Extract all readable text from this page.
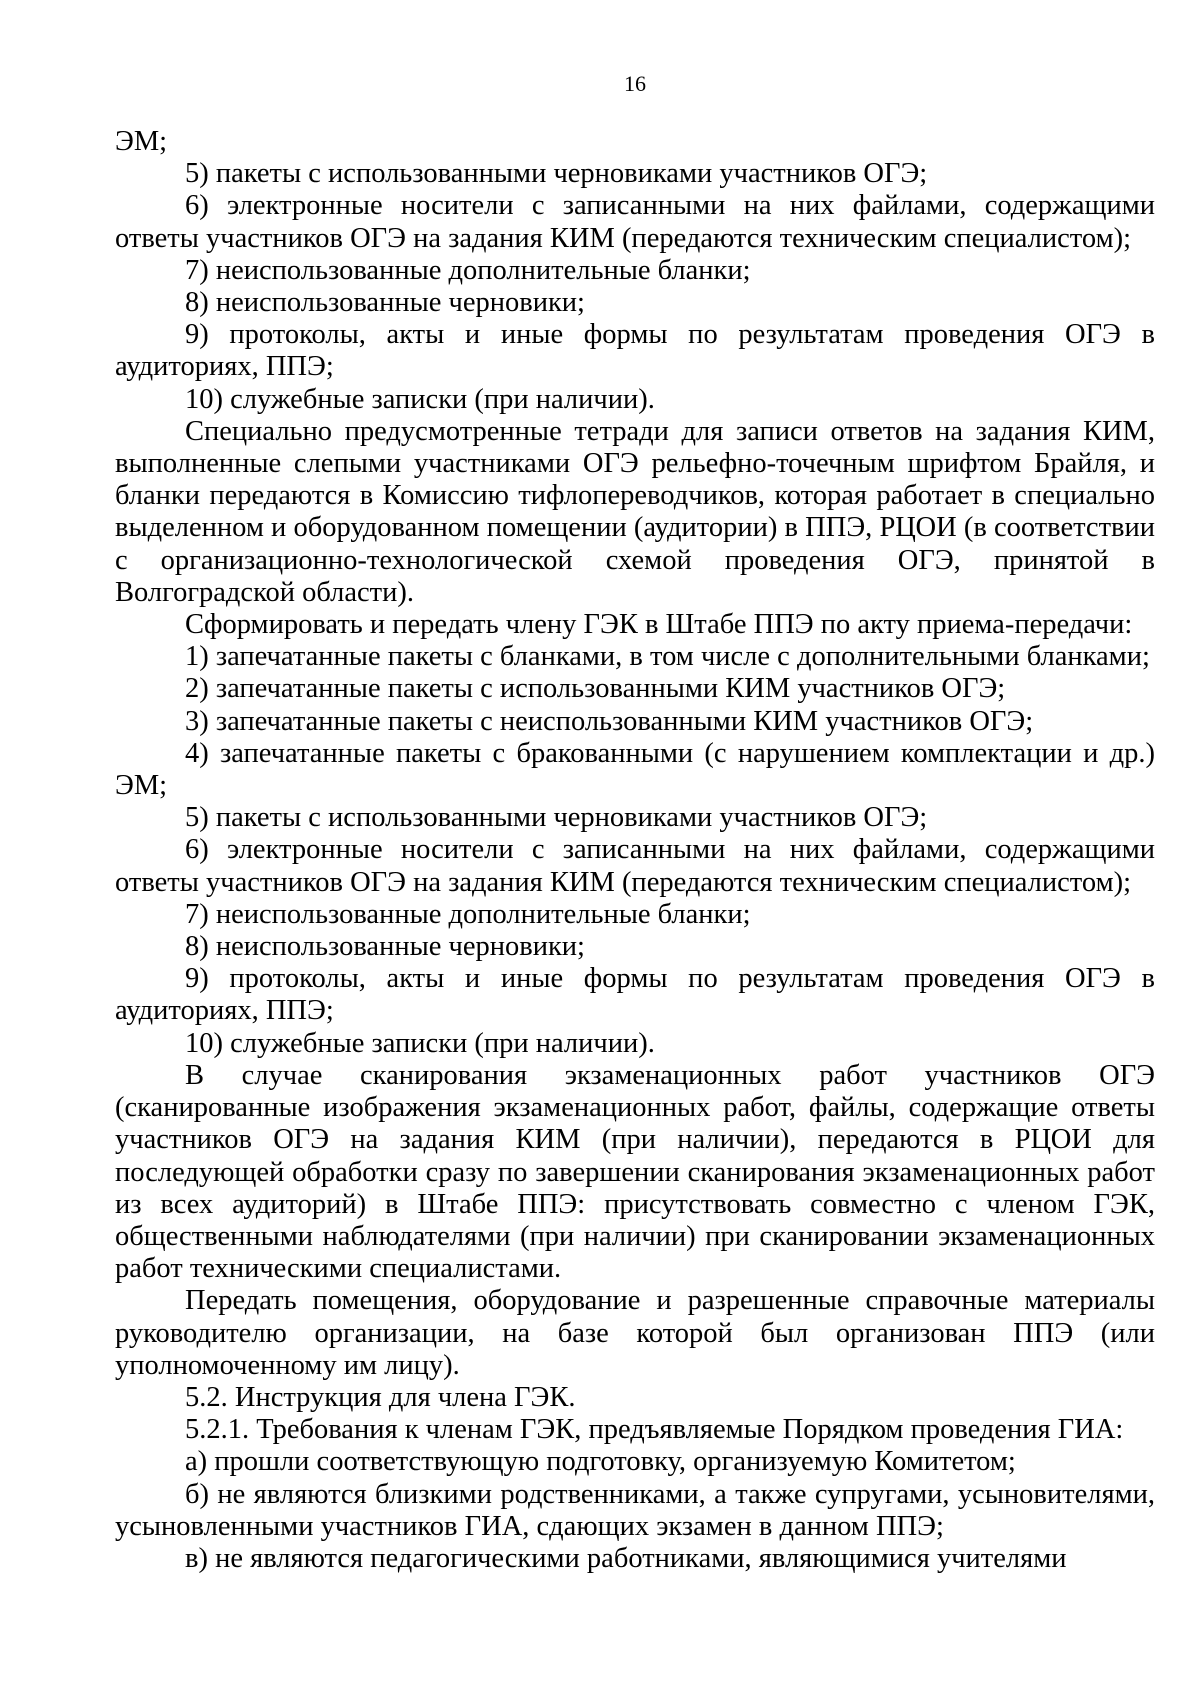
16

ЭМ;

5) пакеты с использованными черновиками участников ОГЭ;

6) электронные носители с записанными на них файлами, содержащими ответы участников ОГЭ на задания КИМ (передаются техническим специалистом);

7) неиспользованные дополнительные бланки;

8) неиспользованные черновики;

9) протоколы, акты и иные формы по результатам проведения ОГЭ в аудиториях, ППЭ;

10) служебные записки (при наличии).

Специально предусмотренные тетради для записи ответов на задания КИМ, выполненные слепыми участниками ОГЭ рельефно-точечным шрифтом Брайля, и бланки передаются в Комиссию тифлопереводчиков, которая работает в специально выделенном и оборудованном помещении (аудитории) в ППЭ, РЦОИ (в соответствии с организационно-технологической схемой проведения ОГЭ, принятой в Волгоградской области).

Сформировать и передать члену ГЭК в Штабе ППЭ по акту приема-передачи:

1) запечатанные пакеты с бланками, в том числе с дополнительными бланками;

2) запечатанные пакеты с использованными КИМ участников ОГЭ;

3) запечатанные пакеты с неиспользованными КИМ участников ОГЭ;

4) запечатанные пакеты с бракованными (с нарушением комплектации и др.) ЭМ;

5) пакеты с использованными черновиками участников ОГЭ;

6) электронные носители с записанными на них файлами, содержащими ответы участников ОГЭ на задания КИМ (передаются техническим специалистом);

7) неиспользованные дополнительные бланки;

8) неиспользованные черновики;

9) протоколы, акты и иные формы по результатам проведения ОГЭ в аудиториях, ППЭ;

10) служебные записки (при наличии).

В случае сканирования экзаменационных работ участников ОГЭ (сканированные изображения экзаменационных работ, файлы, содержащие ответы участников ОГЭ на задания КИМ (при наличии), передаются в РЦОИ для последующей обработки сразу по завершении сканирования экзаменационных работ из всех аудиторий) в Штабе ППЭ: присутствовать совместно с членом ГЭК, общественными наблюдателями (при наличии) при сканировании экзаменационных работ техническими специалистами.

Передать помещения, оборудование и разрешенные справочные материалы руководителю организации, на базе которой был организован ППЭ (или уполномоченному им лицу).

5.2. Инструкция для члена ГЭК.

5.2.1. Требования к членам ГЭК, предъявляемые Порядком проведения ГИА:

а) прошли соответствующую подготовку, организуемую Комитетом;

б) не являются близкими родственниками, а также супругами, усыновителями, усыновленными участников ГИА, сдающих экзамен в данном ППЭ;

в) не являются педагогическими работниками, являющимися учителями
